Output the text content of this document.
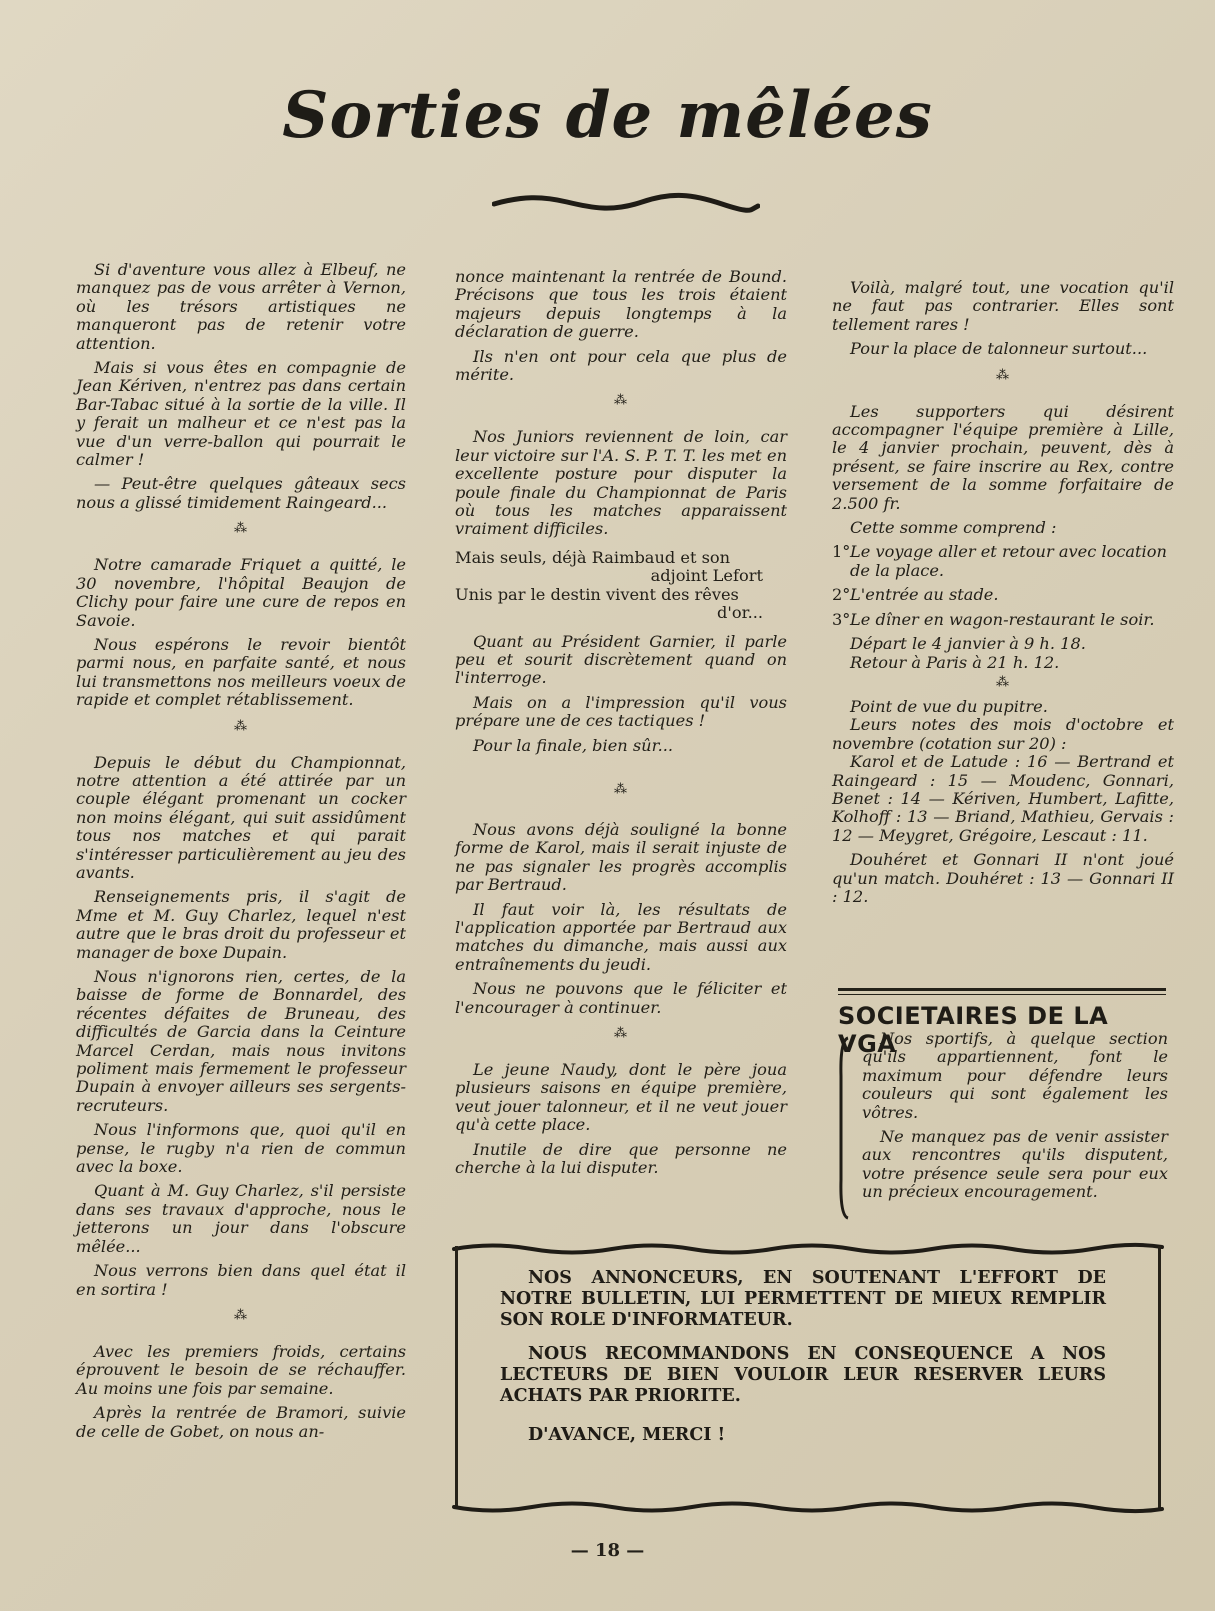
Sorties de mêlées

Si d'aventure vous allez à Elbeuf, ne manquez pas de vous arrêter à Vernon, où les trésors artistiques ne manqueront pas de retenir votre attention.

Mais si vous êtes en compagnie de Jean Kériven, n'entrez pas dans certain Bar-Tabac situé à la sortie de la ville. Il y ferait un malheur et ce n'est pas la vue d'un verre-ballon qui pourrait le calmer !

— Peut-être quelques gâteaux secs nous a glissé timidement Raingeard...

⁂

Notre camarade Friquet a quitté, le 30 novembre, l'hôpital Beaujon de Clichy pour faire une cure de repos en Savoie.

Nous espérons le revoir bientôt parmi nous, en parfaite santé, et nous lui transmettons nos meilleurs voeux de rapide et complet rétablissement.

⁂

Depuis le début du Championnat, notre attention a été attirée par un couple élégant promenant un cocker non moins élégant, qui suit assidûment tous nos matches et qui parait s'intéresser particulièrement au jeu des avants.

Renseignements pris, il s'agit de Mme et M. Guy Charlez, lequel n'est autre que le bras droit du professeur et manager de boxe Dupain.

Nous n'ignorons rien, certes, de la baisse de forme de Bonnardel, des récentes défaites de Bruneau, des difficultés de Garcia dans la Ceinture Marcel Cerdan, mais nous invitons poliment mais fermement le professeur Dupain à envoyer ailleurs ses sergents-recruteurs.

Nous l'informons que, quoi qu'il en pense, le rugby n'a rien de commun avec la boxe.

Quant à M. Guy Charlez, s'il persiste dans ses travaux d'approche, nous le jetterons un jour dans l'obscure mêlée...

Nous verrons bien dans quel état il en sortira !

⁂

Avec les premiers froids, certains éprouvent le besoin de se réchauffer. Au moins une fois par semaine.

Après la rentrée de Bramori, suivie de celle de Gobet, on nous an-

nonce maintenant la rentrée de Bound. Précisons que tous les trois étaient majeurs depuis longtemps à la déclaration de guerre.

Ils n'en ont pour cela que plus de mérite.

⁂

Nos Juniors reviennent de loin, car leur victoire sur l'A. S. P. T. T. les met en excellente posture pour disputer la poule finale du Championnat de Paris où tous les matches apparaissent vraiment difficiles.

Mais seuls, déjà Raimbaud et son

adjoint Lefort

Unis par le destin vivent des rêves

d'or...

Quant au Président Garnier, il parle peu et sourit discrètement quand on l'interroge.

Mais on a l'impression qu'il vous prépare une de ces tactiques !

Pour la finale, bien sûr...

⁂

Nous avons déjà souligné la bonne forme de Karol, mais il serait injuste de ne pas signaler les progrès accomplis par Bertraud.

Il faut voir là, les résultats de l'application apportée par Bertraud aux matches du dimanche, mais aussi aux entraînements du jeudi.

Nous ne pouvons que le féliciter et l'encourager à continuer.

⁂

Le jeune Naudy, dont le père joua plusieurs saisons en équipe première, veut jouer talonneur, et il ne veut jouer qu'à cette place.

Inutile de dire que personne ne cherche à la lui disputer.

Voilà, malgré tout, une vocation qu'il ne faut pas contrarier. Elles sont tellement rares !

Pour la place de talonneur surtout...

⁂

Les supporters qui désirent accompagner l'équipe première à Lille, le 4 janvier prochain, peuvent, dès à présent, se faire inscrire au Rex, contre versement de la somme forfaitaire de 2.500 fr.

Cette somme comprend :

1° Le voyage aller et retour avec location de la place.

2° L'entrée au stade.

3° Le dîner en wagon-restaurant le soir.

Départ le 4 janvier à 9 h. 18.

Retour à Paris à 21 h. 12.

⁂

Point de vue du pupitre.

Leurs notes des mois d'octobre et novembre (cotation sur 20) :

Karol et de Latude : 16 — Bertrand et Raingeard : 15 — Moudenc, Gonnari, Benet : 14 — Kériven, Humbert, Lafitte, Kolhoff : 13 — Briand, Mathieu, Gervais : 12 — Meygret, Grégoire, Lescaut : 11.

Douhéret et Gonnari II n'ont joué qu'un match. Douhéret : 13 — Gonnari II : 12.

SOCIETAIRES DE LA VGA

Nos sportifs, à quelque section qu'ils appartiennent, font le maximum pour défendre leurs couleurs qui sont également les vôtres.

Ne manquez pas de venir assister aux rencontres qu'ils disputent, votre présence seule sera pour eux un précieux encouragement.

NOS ANNONCEURS, EN SOUTENANT L'EFFORT DE NOTRE BULLETIN, LUI PERMETTENT DE MIEUX REMPLIR SON ROLE D'INFORMATEUR.

NOUS RECOMMANDONS EN CONSEQUENCE A NOS LECTEURS DE BIEN VOULOIR LEUR RESERVER LEURS ACHATS PAR PRIORITE.

D'AVANCE, MERCI !

— 18 —
